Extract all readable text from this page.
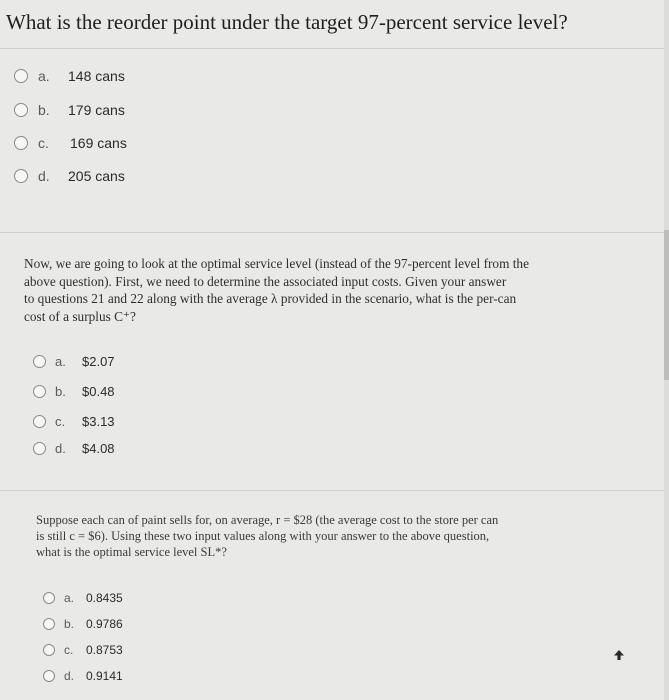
What is the reorder point under the target 97-percent service level?
a.	148 cans
b.	179 cans
c.	169 cans
d.	205 cans
Now, we are going to look at the optimal service level (instead of the 97-percent level from the
above question). First, we need to determine the associated input costs. Given your answer
to questions 21 and 22 along with the average λ provided in the scenario, what is the per-can
cost of a surplus C⁺?
a.	$2.07
b.	$0.48
c.	$3.13
d.	$4.08
Suppose each can of paint sells for, on average, r = $28 (the average cost to the store per can
is still c = $6). Using these two input values along with your answer to the above question,
what is the optimal service level SL*?
a. 0.8435
b. 0.9786
c.	0.8753
d. 0.9141
